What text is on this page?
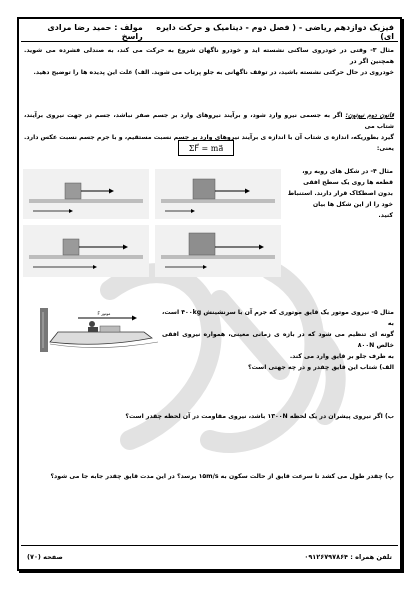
فیزیک دوازدهم ریاضی - ( فصل دوم - دینامیک و حرکت دایره ای)
مولف : حمید رضا مرادی راسخ
مثال ۳- وقتی در خودروی ساکنی نشسته اید و خودرو ناگهان شروع به حرکت می کند، به صندلی فشرده می شوید. همچنین اگر در
خودروی در حال حرکتی نشسته باشید، در توقف ناگهانی به جلو پرتاب می شوید. الف) علت این پدیده ها را توضیح دهید.
قانون دوم نیوتون: اگر به جسمی نیرو وارد شود، و برآیند نیروهای وارد بر جسم صفر نباشد، جسم در جهت نیروی برآیند، شتاب می
گیرد بطوریکه، اندازه ی شتاب آن با اندازه ی برآیند نیروهای وارد بر جسم نسبت مستقیم، و با جرم جسم نسبت عکس دارد. یعنی:
ΣF⃗ = ma⃗
مثال ۴- در شکل های روبه رو، قطعه ها روی یک سطح افقی
بدون اصطکاک قرار دارند. استنباط خود را از این شکل ها بیان
کنید.
F⃗ موتور	مثال ۵- نیروی موتور یک قایق موتوری که جرم آن با سرنشینش ۴۰۰kg است، به
گونه ای تنظیم می شود که در بازه ی زمانی معینی، همواره نیروی افقی خالص ۸۰۰N
به طرف جلو بر قایق وارد می کند.
الف) شتاب این قایق چقدر و در چه جهتی است؟
ب) اگر نیروی پیشران در یک لحظه ۱۳۰۰N باشد، نیروی مقاومت در آن لحظه چقدر است؟
پ) چقدر طول می کشد تا سرعت قایق از حالت سکون به ۱۵m/s برسد؟ در این مدت قایق چقدر جابه جا می شود؟
تلفن همراه : ۰۹۱۲۶۷۹۷۸۶۴
صفحه (۷۰)
